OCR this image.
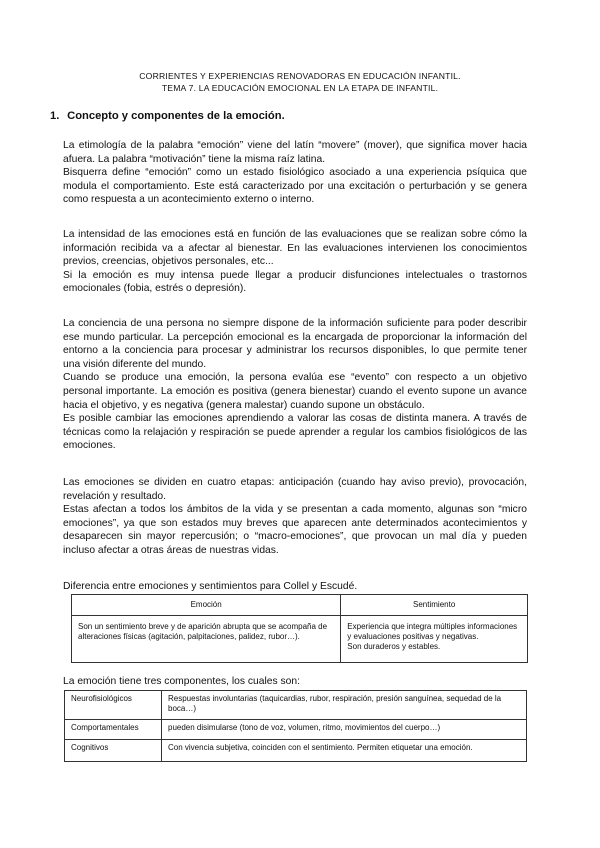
CORRIENTES Y EXPERIENCIAS RENOVADORAS EN EDUCACIÓN INFANTIL.
TEMA 7. LA EDUCACIÓN EMOCIONAL EN LA ETAPA DE INFANTIL.
1. Concepto y componentes de la emoción.

La etimología de la palabra “emoción” viene del latín “movere” (mover), que significa mover hacia afuera. La palabra “motivación” tiene la misma raíz latina.

Bisquerra define “emoción” como un estado fisiológico asociado a una experiencia psíquica que modula el comportamiento. Este está caracterizado por una excitación o perturbación y se genera como respuesta a un acontecimiento externo o interno.

La intensidad de las emociones está en función de las evaluaciones que se realizan sobre cómo la información recibida va a afectar al bienestar. En las evaluaciones intervienen los conocimientos previos, creencias, objetivos personales, etc...

Si la emoción es muy intensa puede llegar a producir disfunciones intelectuales o trastornos emocionales (fobia, estrés o depresión).

La conciencia de una persona no siempre dispone de la información suficiente para poder describir ese mundo particular. La percepción emocional es la encargada de proporcionar la información del entorno a la conciencia para procesar y administrar los recursos disponibles, lo que permite tener una visión diferente del mundo.

Cuando se produce una emoción, la persona evalúa ese “evento” con respecto a un objetivo personal importante. La emoción es positiva (genera bienestar) cuando el evento supone un avance hacia el objetivo, y es negativa (genera malestar) cuando supone un obstáculo.

Es posible cambiar las emociones aprendiendo a valorar las cosas de distinta manera. A través de técnicas como la relajación y respiración se puede aprender a regular los cambios fisiológicos de las emociones.

Las emociones se dividen en cuatro etapas: anticipación (cuando hay aviso previo), provocación, revelación y resultado.

Estas afectan a todos los ámbitos de la vida y se presentan a cada momento, algunas son “micro emociones”, ya que son estados muy breves que aparecen ante determinados acontecimientos y desaparecen sin mayor repercusión; o “macro-emociones”, que provocan un mal día y pueden incluso afectar a otras áreas de nuestras vidas.

Diferencia entre emociones y sentimientos para Collel y Escudé.
Emoción	Sentimiento
Son un sentimiento breve y de aparición abrupta que se acompaña de alteraciones físicas (agitación, palpitaciones, palidez, rubor…).	Experiencia que integra múltiples informaciones y evaluaciones positivas y negativas.
Son duraderos y estables.
La emoción tiene tres componentes, los cuales son:
Neurofisiológicos	Respuestas involuntarias (taquicardias, rubor, respiración, presión sanguínea, sequedad de la boca…)
Comportamentales	pueden disimularse (tono de voz, volumen, ritmo, movimientos del cuerpo…)
Cognitivos	Con vivencia subjetiva, coinciden con el sentimiento. Permiten etiquetar una emoción.
